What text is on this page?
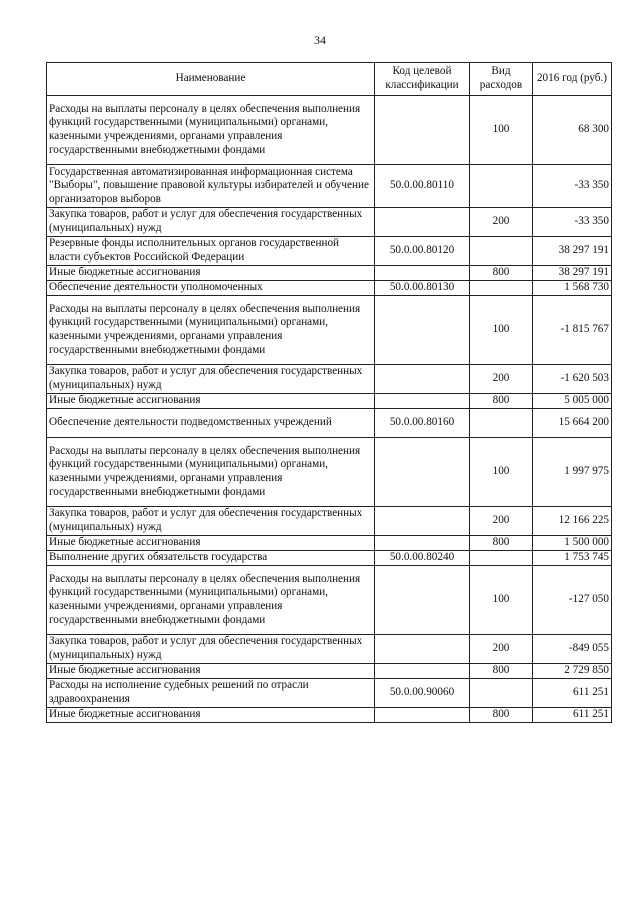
34
Наименование	Код целевой классификации	Вид расходов	2016 год (руб.)
Расходы на выплаты персоналу в целях обеспечения выполнения функций государственными (муниципальными) органами, казенными учреждениями, органами управления государственными внебюджетными фондами		100	68 300
Государственная автоматизированная информационная система "Выборы", повышение правовой культуры избирателей и обучение организаторов выборов	50.0.00.80110		-33 350
Закупка товаров, работ и услуг для обеспечения государственных (муниципальных) нужд		200	-33 350
Резервные фонды исполнительных органов государственной власти субъектов Российской Федерации	50.0.00.80120		38 297 191
Иные бюджетные ассигнования		800	38 297 191
Обеспечение деятельности уполномоченных	50.0.00.80130		1 568 730
Расходы на выплаты персоналу в целях обеспечения выполнения функций государственными (муниципальными) органами, казенными учреждениями, органами управления государственными внебюджетными фондами		100	-1 815 767
Закупка товаров, работ и услуг для обеспечения государственных (муниципальных) нужд		200	-1 620 503
Иные бюджетные ассигнования		800	5 005 000
Обеспечение деятельности подведомственных учреждений	50.0.00.80160		15 664 200
Расходы на выплаты персоналу в целях обеспечения выполнения функций государственными (муниципальными) органами, казенными учреждениями, органами управления государственными внебюджетными фондами		100	1 997 975
Закупка товаров, работ и услуг для обеспечения государственных (муниципальных) нужд		200	12 166 225
Иные бюджетные ассигнования		800	1 500 000
Выполнение других обязательств государства	50.0.00.80240		1 753 745
Расходы на выплаты персоналу в целях обеспечения выполнения функций государственными (муниципальными) органами, казенными учреждениями, органами управления государственными внебюджетными фондами		100	-127 050
Закупка товаров, работ и услуг для обеспечения государственных (муниципальных) нужд		200	-849 055
Иные бюджетные ассигнования		800	2 729 850
Расходы на исполнение судебных решений по отрасли здравоохранения	50.0.00.90060		611 251
Иные бюджетные ассигнования		800	611 251
